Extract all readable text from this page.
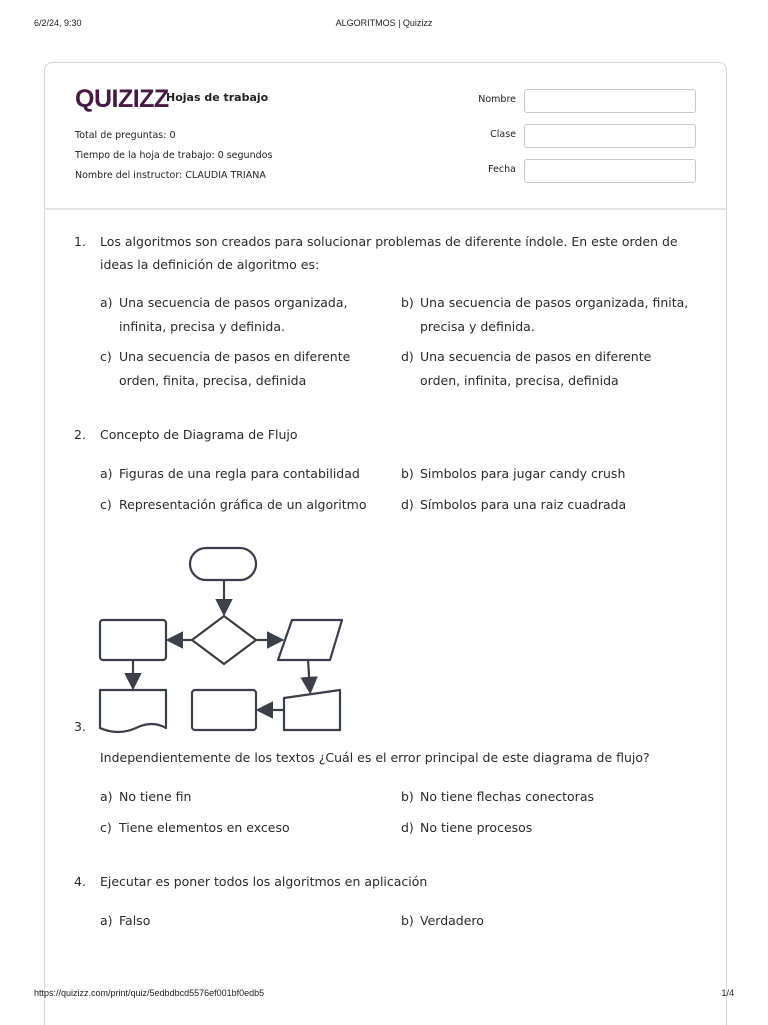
6/2/24, 9:30	ALGORITMOS | Quizizz
QUIZIZZ
Hojas de trabajo
Total de preguntas: 0
Tiempo de la hoja de trabajo: 0 segundos
Nombre del instructor: CLAUDIA TRIANA
Nombre
Clase
Fecha
1.	Los algoritmos son creados para solucionar problemas de diferente índole. En este orden de ideas la definición de algoritmo es:
a) Una secuencia de pasos organizada, infinita, precisa y definida.
b) Una secuencia de pasos organizada, finita, precisa y definida.
c) Una secuencia de pasos en diferente orden, finita, precisa, definida
d) Una secuencia de pasos en diferente orden, infinita, precisa, definida
2.	Concepto de Diagrama de Flujo
a) Figuras de una regla para contabilidad	b) Simbolos para jugar candy crush
c) Representación gráfica de un algoritmo	d) Símbolos para una raiz cuadrada
3.
Independientemente de los textos ¿Cuál es el error principal de este diagrama de flujo?
a) No tiene fin	b) No tiene flechas conectoras
c) Tiene elementos en exceso	d) No tiene procesos
4.	Ejecutar es poner todos los algoritmos en aplicación
a) Falso	b) Verdadero
https://quizizz.com/print/quiz/5edbdbcd5576ef001bf0edb5	1/4
